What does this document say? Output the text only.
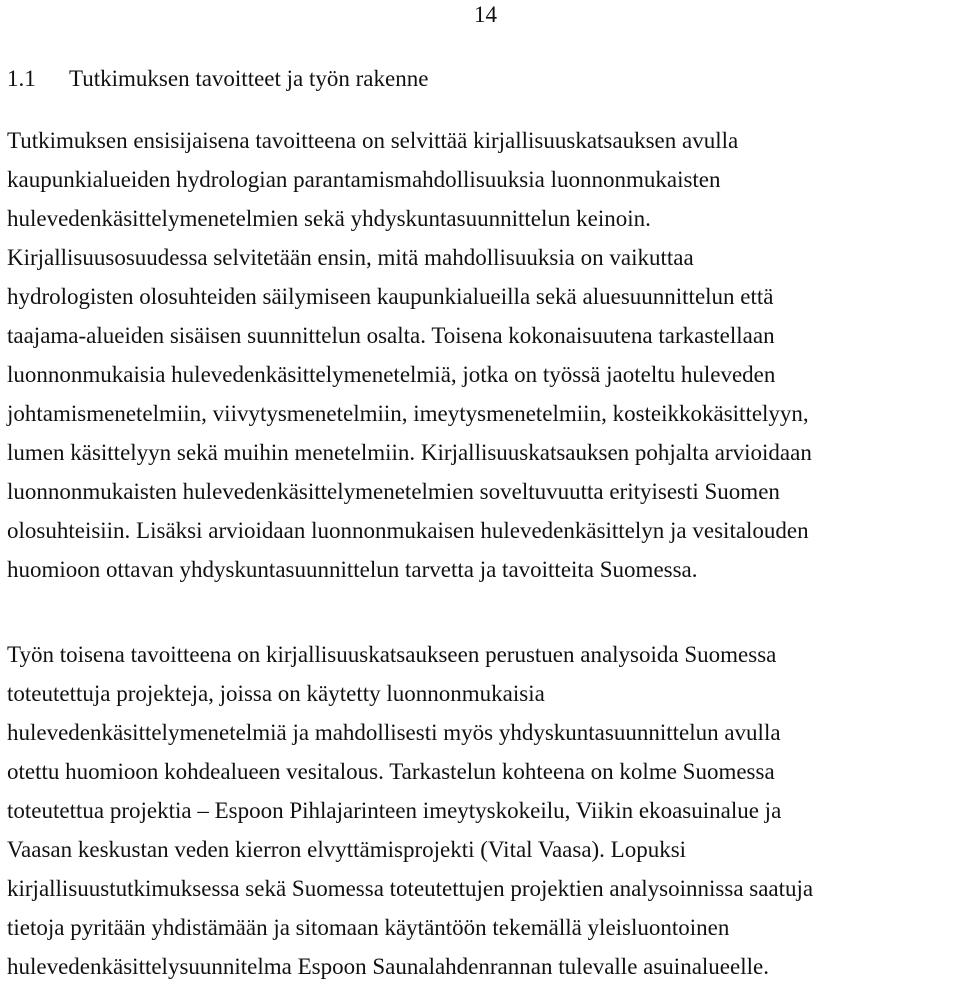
14
1.1 Tutkimuksen tavoitteet ja työn rakenne
Tutkimuksen ensisijaisena tavoitteena on selvittää kirjallisuuskatsauksen avulla
kaupunkialueiden hydrologian parantamismahdollisuuksia luonnonmukaisten
hulevedenkäsittelymenetelmien sekä yhdyskuntasuunnittelun keinoin.
Kirjallisuusosuudessa selvitetään ensin, mitä mahdollisuuksia on vaikuttaa
hydrologisten olosuhteiden säilymiseen kaupunkialueilla sekä aluesuunnittelun että
taajama-alueiden sisäisen suunnittelun osalta. Toisena kokonaisuutena tarkastellaan
luonnonmukaisia hulevedenkäsittelymenetelmiä, jotka on työssä jaoteltu huleveden
johtamismenetelmiin, viivytysmenetelmiin, imeytysmenetelmiin, kosteikkokäsittelyyn,
lumen käsittelyyn sekä muihin menetelmiin. Kirjallisuuskatsauksen pohjalta arvioidaan
luonnonmukaisten hulevedenkäsittelymenetelmien soveltuvuutta erityisesti Suomen
olosuhteisiin. Lisäksi arvioidaan luonnonmukaisen hulevedenkäsittelyn ja vesitalouden
huomioon ottavan yhdyskuntasuunnittelun tarvetta ja tavoitteita Suomessa.
Työn toisena tavoitteena on kirjallisuuskatsaukseen perustuen analysoida Suomessa
toteutettuja projekteja, joissa on käytetty luonnonmukaisia
hulevedenkäsittelymenetelmiä ja mahdollisesti myös yhdyskuntasuunnittelun avulla
otettu huomioon kohdealueen vesitalous. Tarkastelun kohteena on kolme Suomessa
toteutettua projektia – Espoon Pihlajarinteen imeytyskokeilu, Viikin ekoasuinalue ja
Vaasan keskustan veden kierron elvyttämisprojekti (Vital Vaasa). Lopuksi
kirjallisuustutkimuksessa sekä Suomessa toteutettujen projektien analysoinnissa saatuja
tietoja pyritään yhdistämään ja sitomaan käytäntöön tekemällä yleisluontoinen
hulevedenkäsittelysuunnitelma Espoon Saunalahdenrannan tulevalle asuinalueelle.
